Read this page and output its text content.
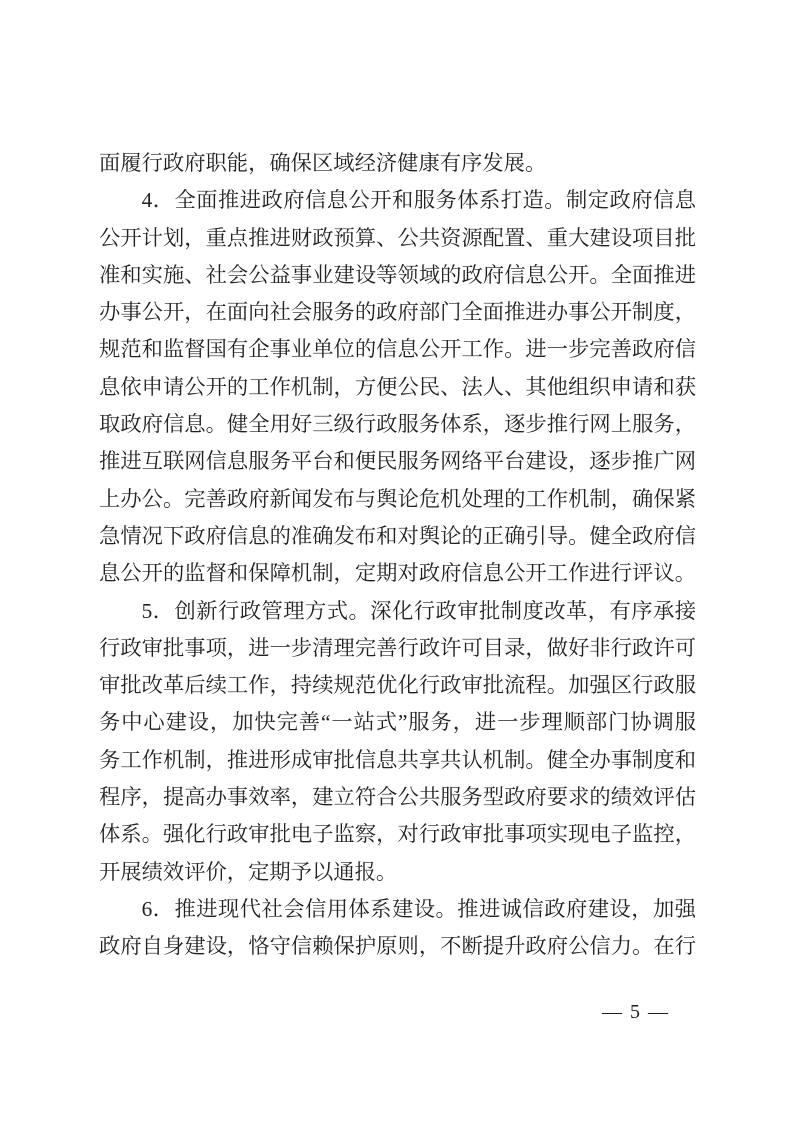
面履行政府职能，确保区域经济健康有序发展。
4．全面推进政府信息公开和服务体系打造。制定政府信息
公开计划，重点推进财政预算、公共资源配置、重大建设项目批
准和实施、社会公益事业建设等领域的政府信息公开。全面推进
办事公开，在面向社会服务的政府部门全面推进办事公开制度，
规范和监督国有企事业单位的信息公开工作。进一步完善政府信
息依申请公开的工作机制，方便公民、法人、其他组织申请和获
取政府信息。健全用好三级行政服务体系，逐步推行网上服务，
推进互联网信息服务平台和便民服务网络平台建设，逐步推广网
上办公。完善政府新闻发布与舆论危机处理的工作机制，确保紧
急情况下政府信息的准确发布和对舆论的正确引导。健全政府信
息公开的监督和保障机制，定期对政府信息公开工作进行评议。
5．创新行政管理方式。深化行政审批制度改革，有序承接
行政审批事项，进一步清理完善行政许可目录，做好非行政许可
审批改革后续工作，持续规范优化行政审批流程。加强区行政服
务中心建设，加快完善“一站式”服务，进一步理顺部门协调服
务工作机制，推进形成审批信息共享共认机制。健全办事制度和
程序，提高办事效率，建立符合公共服务型政府要求的绩效评估
体系。强化行政审批电子监察，对行政审批事项实现电子监控，
开展绩效评价，定期予以通报。
6．推进现代社会信用体系建设。推进诚信政府建设，加强
政府自身建设，恪守信赖保护原则，不断提升政府公信力。在行
— 5 —
